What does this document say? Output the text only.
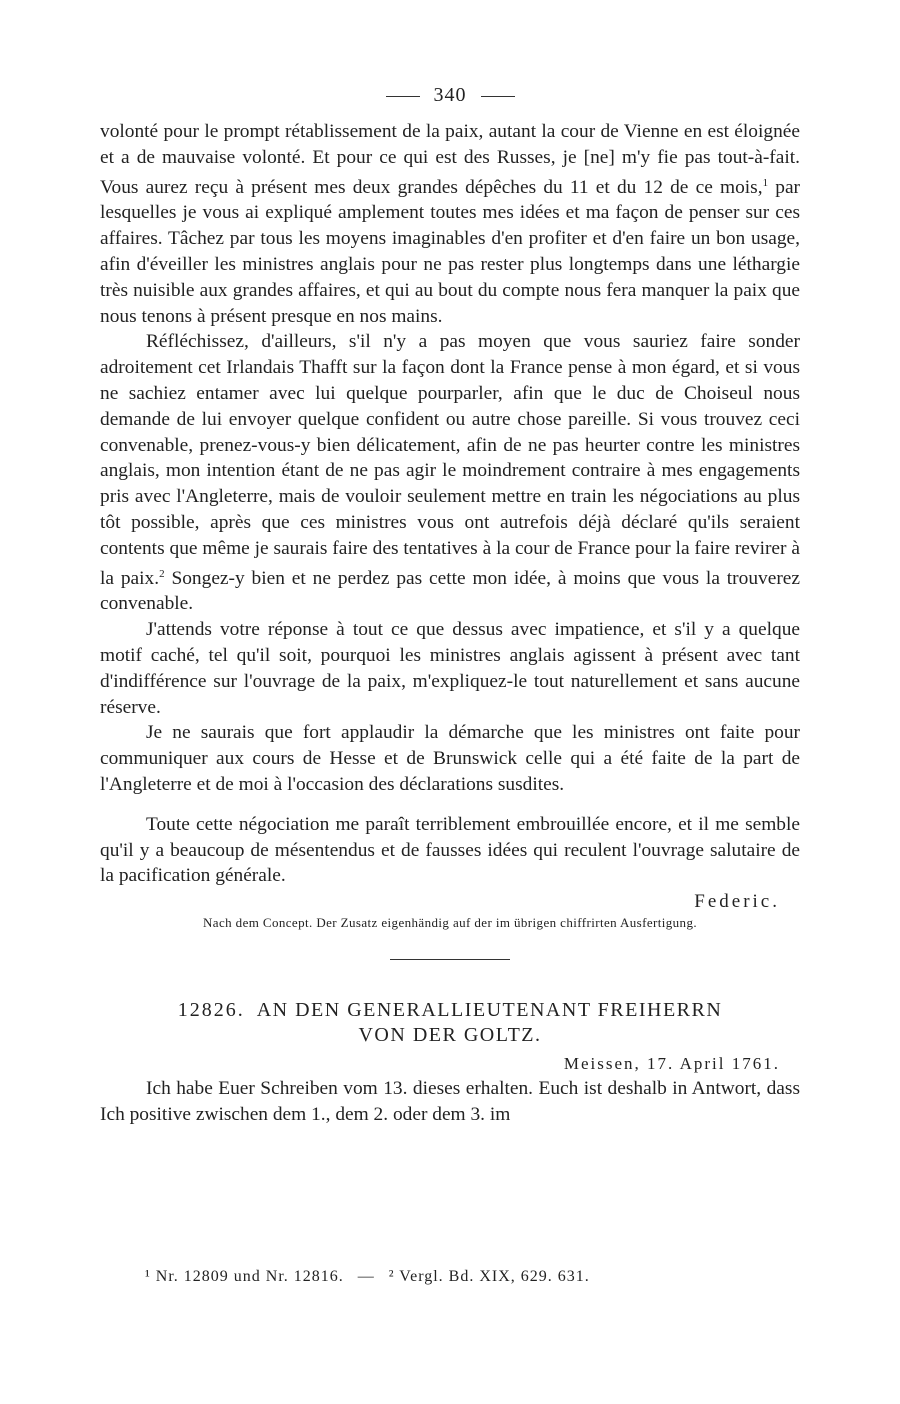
340

volonté pour le prompt rétablissement de la paix, autant la cour de Vienne en est éloignée et a de mauvaise volonté. Et pour ce qui est des Russes, je [ne] m'y fie pas tout-à-fait. Vous aurez reçu à présent mes deux grandes dépêches du 11 et du 12 de ce mois,$^1$ par lesquelles je vous ai expliqué amplement toutes mes idées et ma façon de penser sur ces affaires. Tâchez par tous les moyens imaginables d'en profiter et d'en faire un bon usage, afin d'éveiller les ministres anglais pour ne pas rester plus longtemps dans une léthargie très nuisible aux grandes affaires, et qui au bout du compte nous fera manquer la paix que nous tenons à présent presque en nos mains.

Réfléchissez, d'ailleurs, s'il n'y a pas moyen que vous sauriez faire sonder adroitement cet Irlandais Thafft sur la façon dont la France pense à mon égard, et si vous ne sachiez entamer avec lui quelque pourparler, afin que le duc de Choiseul nous demande de lui envoyer quelque confident ou autre chose pareille. Si vous trouvez ceci convenable, prenez-vous-y bien délicatement, afin de ne pas heurter contre les ministres anglais, mon intention étant de ne pas agir le moindrement contraire à mes engagements pris avec l'Angleterre, mais de vouloir seulement mettre en train les négociations au plus tôt possible, après que ces ministres vous ont autrefois déjà déclaré qu'ils seraient contents que même je saurais faire des tentatives à la cour de France pour la faire revirer à la paix.$^2$ Songez-y bien et ne perdez pas cette mon idée, à moins que vous la trouverez convenable.

J'attends votre réponse à tout ce que dessus avec impatience, et s'il y a quelque motif caché, tel qu'il soit, pourquoi les ministres anglais agissent à présent avec tant d'indifférence sur l'ouvrage de la paix, m'expliquez-le tout naturellement et sans aucune réserve.

Je ne saurais que fort applaudir la démarche que les ministres ont faite pour communiquer aux cours de Hesse et de Brunswick celle qui a été faite de la part de l'Angleterre et de moi à l'occasion des déclarations susdites.

Toute cette négociation me paraît terriblement embrouillée encore, et il me semble qu'il y a beaucoup de mésentendus et de fausses idées qui reculent l'ouvrage salutaire de la pacification générale.

Federic.
Nach dem Concept. Der Zusatz eigenhändig auf der im übrigen chiffrirten Ausfertigung.
12826. AN DEN GENERALLIEUTENANT FREIHERRN
VON DER GOLTZ.
Meissen, 17. April 1761.

Ich habe Euer Schreiben vom 13. dieses erhalten. Euch ist deshalb in Antwort, dass Ich positive zwischen dem 1., dem 2. oder dem 3. im

¹ Nr. 12809 und Nr. 12816. — ² Vergl. Bd. XIX, 629. 631.
